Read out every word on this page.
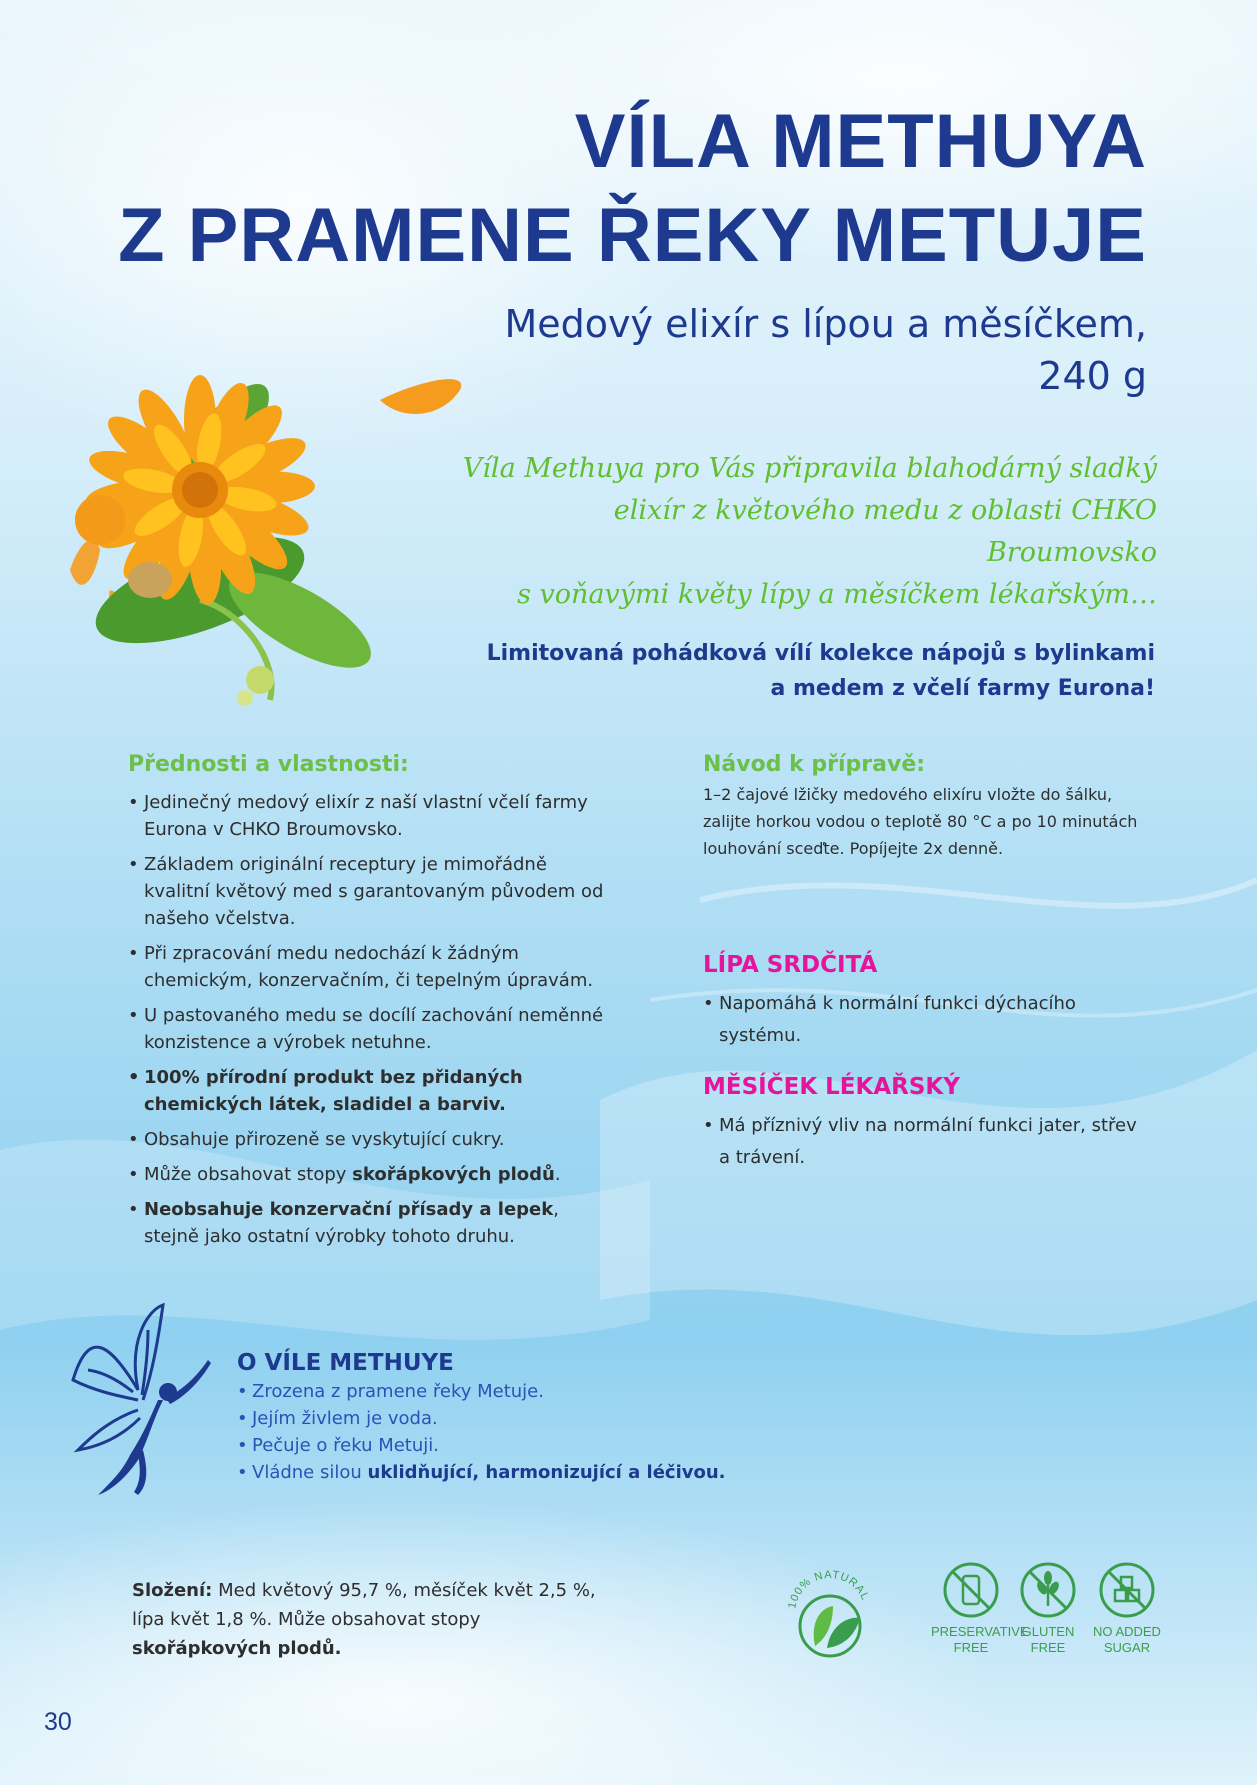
VÍLA METHUYA
Z PRAMENE ŘEKY METUJE
Medový elixír s lípou a měsíčkem,
240 g
Víla Methuya pro Vás připravila blahodárný sladký
elixír z květového medu z oblasti CHKO Broumovsko
s voňavými květy lípy a měsíčkem lékařským…
Limitovaná pohádková vílí kolekce nápojů s bylinkami
a medem z včelí farmy Eurona!
Přednosti a vlastnosti:
• Jedinečný medový elixír z naší vlastní včelí farmy Eurona v CHKO Broumovsko.
• Základem originální receptury je mimořádně kvalitní květový med s garantovaným původem od našeho včelstva.
• Při zpracování medu nedochází k žádným chemickým, konzervačním, či tepelným úpravám.
• U pastovaného medu se docílí zachování neměnné konzistence a výrobek netuhne.
• 100% přírodní produkt bez přidaných chemických látek, sladidel a barviv.
• Obsahuje přirozeně se vyskytující cukry.
• Může obsahovat stopy skořápkových plodů.
• Neobsahuje konzervační přísady a lepek, stejně jako ostatní výrobky tohoto druhu.
Návod k přípravě:

1–2 čajové lžičky medového elixíru vložte do šálku, zalijte horkou vodou o teplotě 80 °C a po 10 minutách louhování sceďte. Popíjejte 2x denně.

LÍPA SRDČITÁ
• Napomáhá k normální funkci dýchacího systému.
MĚSÍČEK LÉKAŘSKÝ
• Má příznivý vliv na normální funkci jater, střev a trávení.
O VÍLE METHUYE
• Zrozena z pramene řeky Metuje.
• Jejím živlem je voda.
• Pečuje o řeku Metuji.
• Vládne silou uklidňující, harmonizující a léčivou.
Složení: Med květový 95,7 %, měsíček květ 2,5 %, lípa květ 1,8 %. Může obsahovat stopy skořápkových plodů.
100% NATURAL
PRESERVATIVE FREE
GLUTEN FREE
NO ADDED SUGAR
30
